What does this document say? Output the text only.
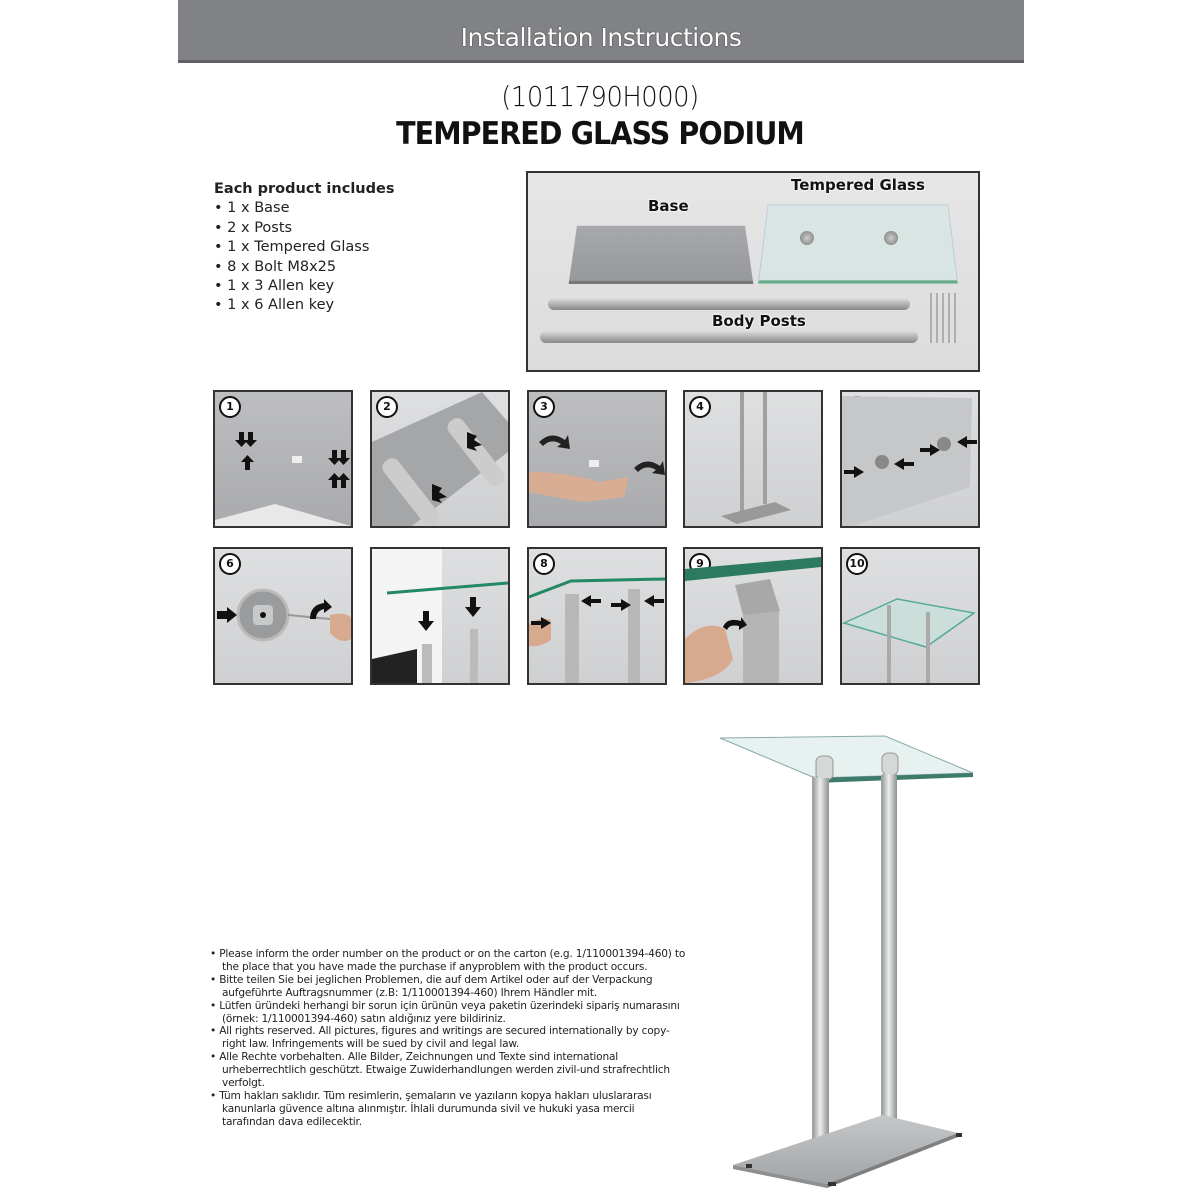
Installation Instructions
(1011790H000)
TEMPERED GLASS PODIUM
Each product includes
• 1 x Base
• 2 x Posts
• 1 x Tempered Glass
• 8 x Bolt M8x25
• 1 x 3 Allen key
• 1 x 6 Allen key
Base
Tempered Glass
Body Posts
1	2	3	4
6	8	9	10

• Please inform the order number on the product or on the carton (e.g. 1/110001394-460) to the place that you have made the purchase if anyproblem with the product occurs.

• Bitte teilen Sie bei jeglichen Problemen, die auf dem Artikel oder auf der Verpackung aufgeführte Auftragsnummer (z.B: 1/110001394-460) Ihrem Händler mit.

• Lütfen üründeki herhangi bir sorun için ürünün veya paketin üzerindeki sipariş numarasını (örnek: 1/110001394-460) satın aldığınız yere bildiriniz.

• All rights reserved. All pictures, figures and writings are secured internationally by copy-right law. Infringements will be sued by civil and legal law.

• Alle Rechte vorbehalten. Alle Bilder, Zeichnungen und Texte sind international urheberrechtlich geschützt. Etwaige Zuwiderhandlungen werden zivil-und strafrechtlich verfolgt.

• Tüm hakları saklıdır. Tüm resimlerin, şemaların ve yazıların kopya hakları uluslararası kanunlarla güvence altına alınmıştır. İhlali durumunda sivil ve hukuki yasa mercii tarafından dava edilecektir.
